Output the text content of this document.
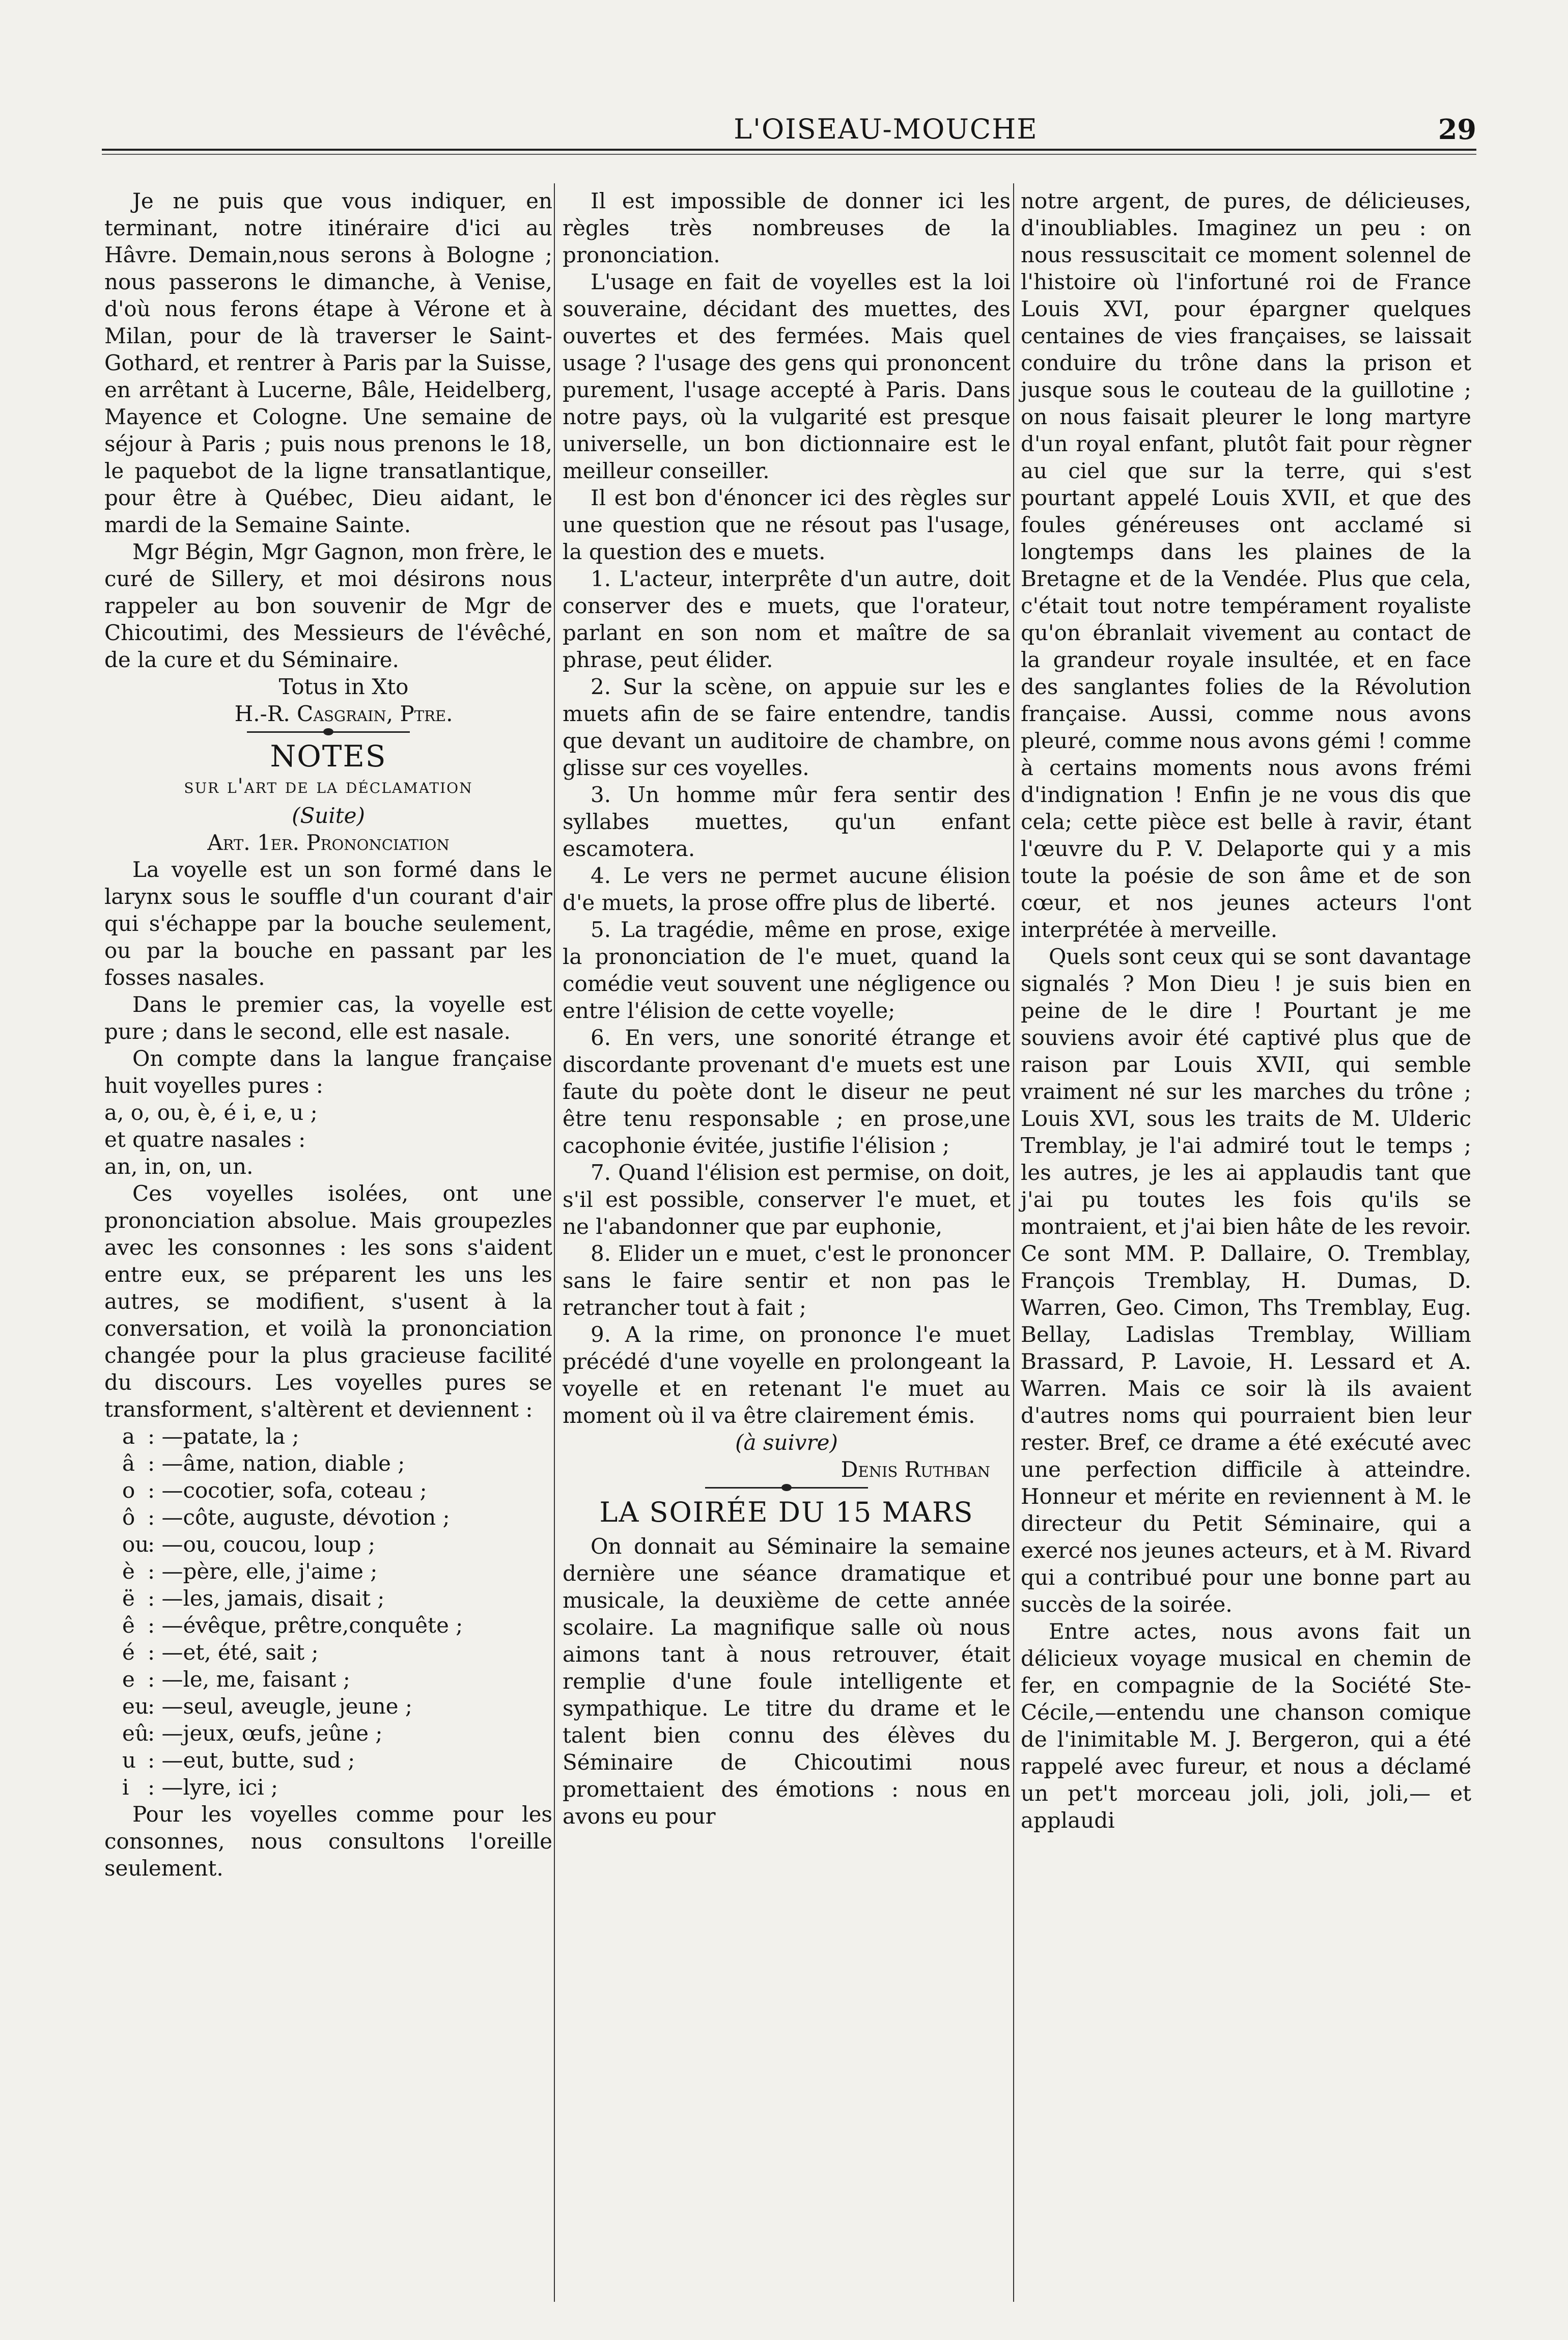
L'OISEAU-MOUCHE	29

Je ne puis que vous indiquer, en terminant, notre itinéraire d'ici au Hâvre. Demain,nous serons à Bologne ; nous passerons le dimanche, à Venise, d'où nous ferons étape à Vérone et à Milan, pour de là traverser le Saint-Gothard, et rentrer à Paris par la Suisse, en arrêtant à Lucerne, Bâle, Heidelberg, Mayence et Cologne. Une semaine de séjour à Paris ; puis nous prenons le 18, le paquebot de la ligne transatlantique, pour être à Québec, Dieu aidant, le mardi de la Semaine Sainte.

Mgr Bégin, Mgr Gagnon, mon frère, le curé de Sillery, et moi désirons nous rappeler au bon souvenir de Mgr de Chicoutimi, des Messieurs de l'évêché, de la cure et du Séminaire.

Totus in Xto

H.-R. Casgrain, Ptre.

NOTES
sur l'art de la déclamation

(Suite)

Art. 1er. Prononciation

La voyelle est un son formé dans le larynx sous le souffle d'un courant d'air qui s'échappe par la bouche seulement, ou par la bouche en passant par les fosses nasales.

Dans le premier cas, la voyelle est pure ; dans le second, elle est nasale.

On compte dans la langue française huit voyelles pures :

a, o, ou, è, é i, e, u ;

et quatre nasales :

an, in, on, un.

Ces voyelles isolées, ont une prononciation absolue. Mais groupezles avec les consonnes : les sons s'aident entre eux, se préparent les uns les autres, se modifient, s'usent à la conversation, et voilà la prononciation changée pour la plus gracieuse facilité du discours. Les voyelles pures se transforment, s'altèrent et deviennent :

a : —patate, la ;
â : —âme, nation, diable ;
o : —cocotier, sofa, coteau ;
ô : —côte, auguste, dévotion ;
ou: —ou, coucou, loup ;
è : —père, elle, j'aime ;
ë : —les, jamais, disait ;
ê : —évêque, prêtre,conquête ;
é : —et, été, sait ;
e : —le, me, faisant ;
eu: —seul, aveugle, jeune ;
eû: —jeux, œufs, jeûne ;
u : —eut, butte, sud ;
i : —lyre, ici ;

Pour les voyelles comme pour les consonnes, nous consultons l'oreille seulement.

Il est impossible de donner ici les règles très nombreuses de la prononciation.

L'usage en fait de voyelles est la loi souveraine, décidant des muettes, des ouvertes et des fermées. Mais quel usage ? l'usage des gens qui prononcent purement, l'usage accepté à Paris. Dans notre pays, où la vulgarité est presque universelle, un bon dictionnaire est le meilleur conseiller.

Il est bon d'énoncer ici des règles sur une question que ne résout pas l'usage, la question des e muets.

1. L'acteur, interprête d'un autre, doit conserver des e muets, que l'orateur, parlant en son nom et maître de sa phrase, peut élider.

2. Sur la scène, on appuie sur les e muets afin de se faire entendre, tandis que devant un auditoire de chambre, on glisse sur ces voyelles.

3. Un homme mûr fera sentir des syllabes muettes, qu'un enfant escamotera.

4. Le vers ne permet aucune élision d'e muets, la prose offre plus de liberté.

5. La tragédie, même en prose, exige la prononciation de l'e muet, quand la comédie veut souvent une négligence ou entre l'élision de cette voyelle;

6. En vers, une sonorité étrange et discordante provenant d'e muets est une faute du poète dont le diseur ne peut être tenu responsable ; en prose,une cacophonie évitée, justifie l'élision ;

7. Quand l'élision est permise, on doit, s'il est possible, conserver l'e muet, et ne l'abandonner que par euphonie,

8. Elider un e muet, c'est le prononcer sans le faire sentir et non pas le retrancher tout à fait ;

9. A la rime, on prononce l'e muet précédé d'une voyelle en prolongeant la voyelle et en retenant l'e muet au moment où il va être clairement émis.

(à suivre)

Denis Ruthban

LA SOIRÉE DU 15 MARS

On donnait au Séminaire la semaine dernière une séance dramatique et musicale, la deuxième de cette année scolaire. La magnifique salle où nous aimons tant à nous retrouver, était remplie d'une foule intelligente et sympathique. Le titre du drame et le talent bien connu des élèves du Séminaire de Chicoutimi nous promettaient des émotions : nous en avons eu pour

notre argent, de pures, de délicieuses, d'inoubliables. Imaginez un peu : on nous ressuscitait ce moment solennel de l'histoire où l'infortuné roi de France Louis XVI, pour épargner quelques centaines de vies françaises, se laissait conduire du trône dans la prison et jusque sous le couteau de la guillotine ; on nous faisait pleurer le long martyre d'un royal enfant, plutôt fait pour règner au ciel que sur la terre, qui s'est pourtant appelé Louis XVII, et que des foules généreuses ont acclamé si longtemps dans les plaines de la Bretagne et de la Vendée. Plus que cela, c'était tout notre tempérament royaliste qu'on ébranlait vivement au contact de la grandeur royale insultée, et en face des sanglantes folies de la Révolution française. Aussi, comme nous avons pleuré, comme nous avons gémi ! comme à certains moments nous avons frémi d'indignation ! Enfin je ne vous dis que cela; cette pièce est belle à ravir, étant l'œuvre du P. V. Delaporte qui y a mis toute la poésie de son âme et de son cœur, et nos jeunes acteurs l'ont interprétée à merveille.

Quels sont ceux qui se sont davantage signalés ? Mon Dieu ! je suis bien en peine de le dire ! Pourtant je me souviens avoir été captivé plus que de raison par Louis XVII, qui semble vraiment né sur les marches du trône ; Louis XVI, sous les traits de M. Ulderic Tremblay, je l'ai admiré tout le temps ; les autres, je les ai applaudis tant que j'ai pu toutes les fois qu'ils se montraient, et j'ai bien hâte de les revoir. Ce sont MM. P. Dallaire, O. Tremblay, François Tremblay, H. Dumas, D. Warren, Geo. Cimon, Ths Tremblay, Eug. Bellay, Ladislas Tremblay, William Brassard, P. Lavoie, H. Lessard et A. Warren. Mais ce soir là ils avaient d'autres noms qui pourraient bien leur rester. Bref, ce drame a été exécuté avec une perfection difficile à atteindre. Honneur et mérite en reviennent à M. le directeur du Petit Séminaire, qui a exercé nos jeunes acteurs, et à M. Rivard qui a contribué pour une bonne part au succès de la soirée.

Entre actes, nous avons fait un délicieux voyage musical en chemin de fer, en compagnie de la Société Ste-Cécile,—entendu une chanson comique de l'inimitable M. J. Bergeron, qui a été rappelé avec fureur, et nous a déclamé un pet't morceau joli, joli, joli,— et applaudi
